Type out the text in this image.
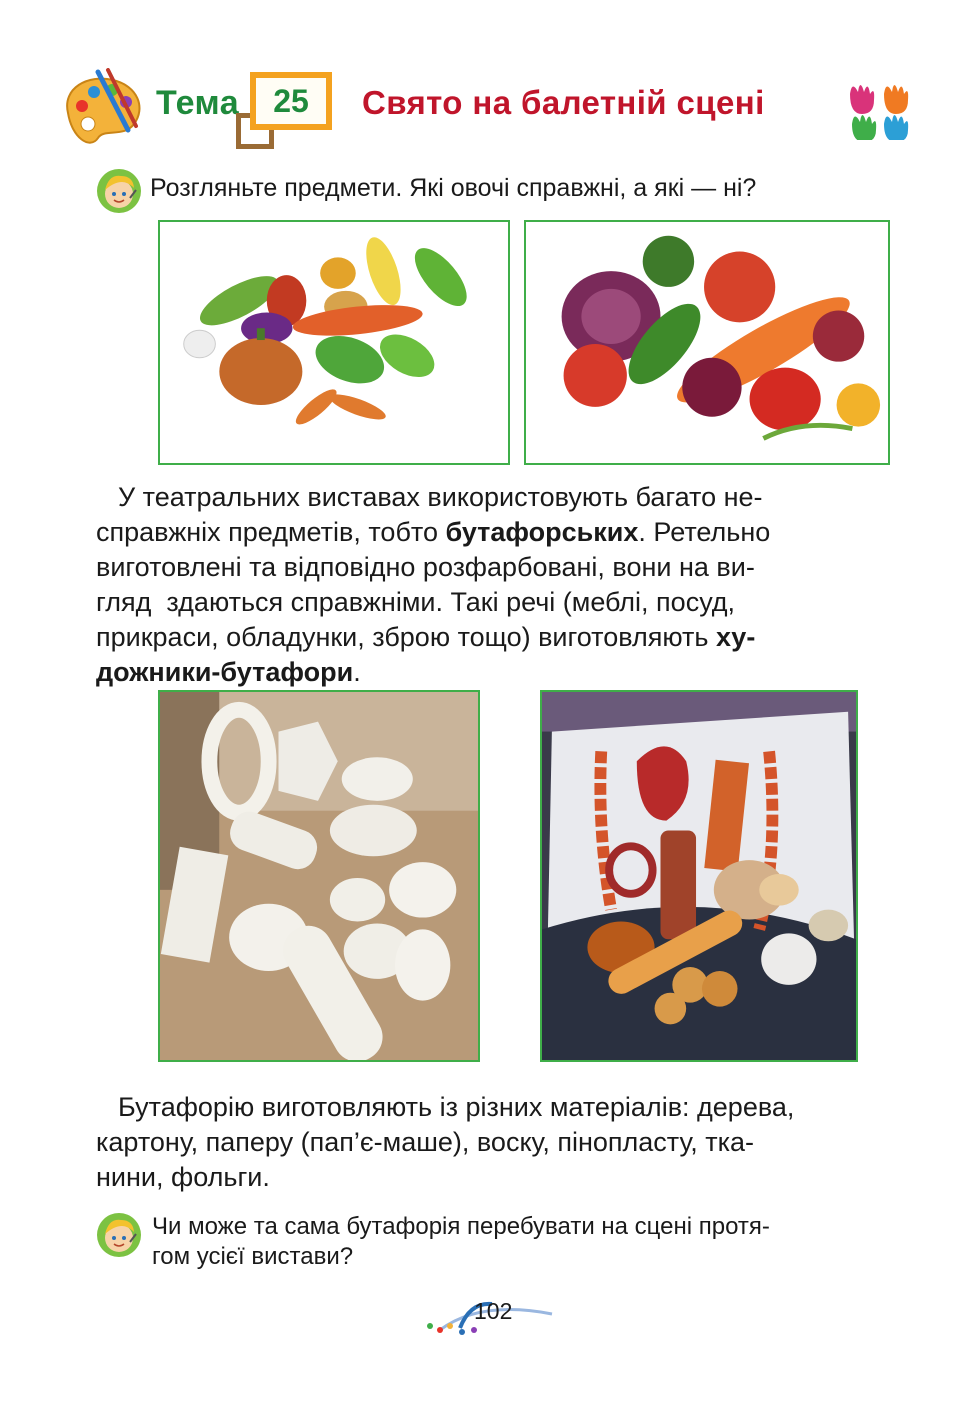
Тема	25	Свято на балетній сцені
Розгляньте предмети. Які овочі справжні, а які — ні?
У театральних виставах використовують багато не-
справжніх предметів, тобто бутафорських. Ретельно
виготовлені та відповідно розфарбовані, вони на ви-
гляд  здаються справжніми. Такі речі (меблі, посуд,
прикраси, обладунки, зброю тощо) виготовляють ху-
дожники-бутафори.
Бутафорію виготовляють із різних матеріалів: дерева,
картону, паперу (пап’є-маше), воску, пінопласту, тка-
нини, фольги.
Чи може та сама бутафорія перебувати на сцені протя-
гом усієї вистави?
102
